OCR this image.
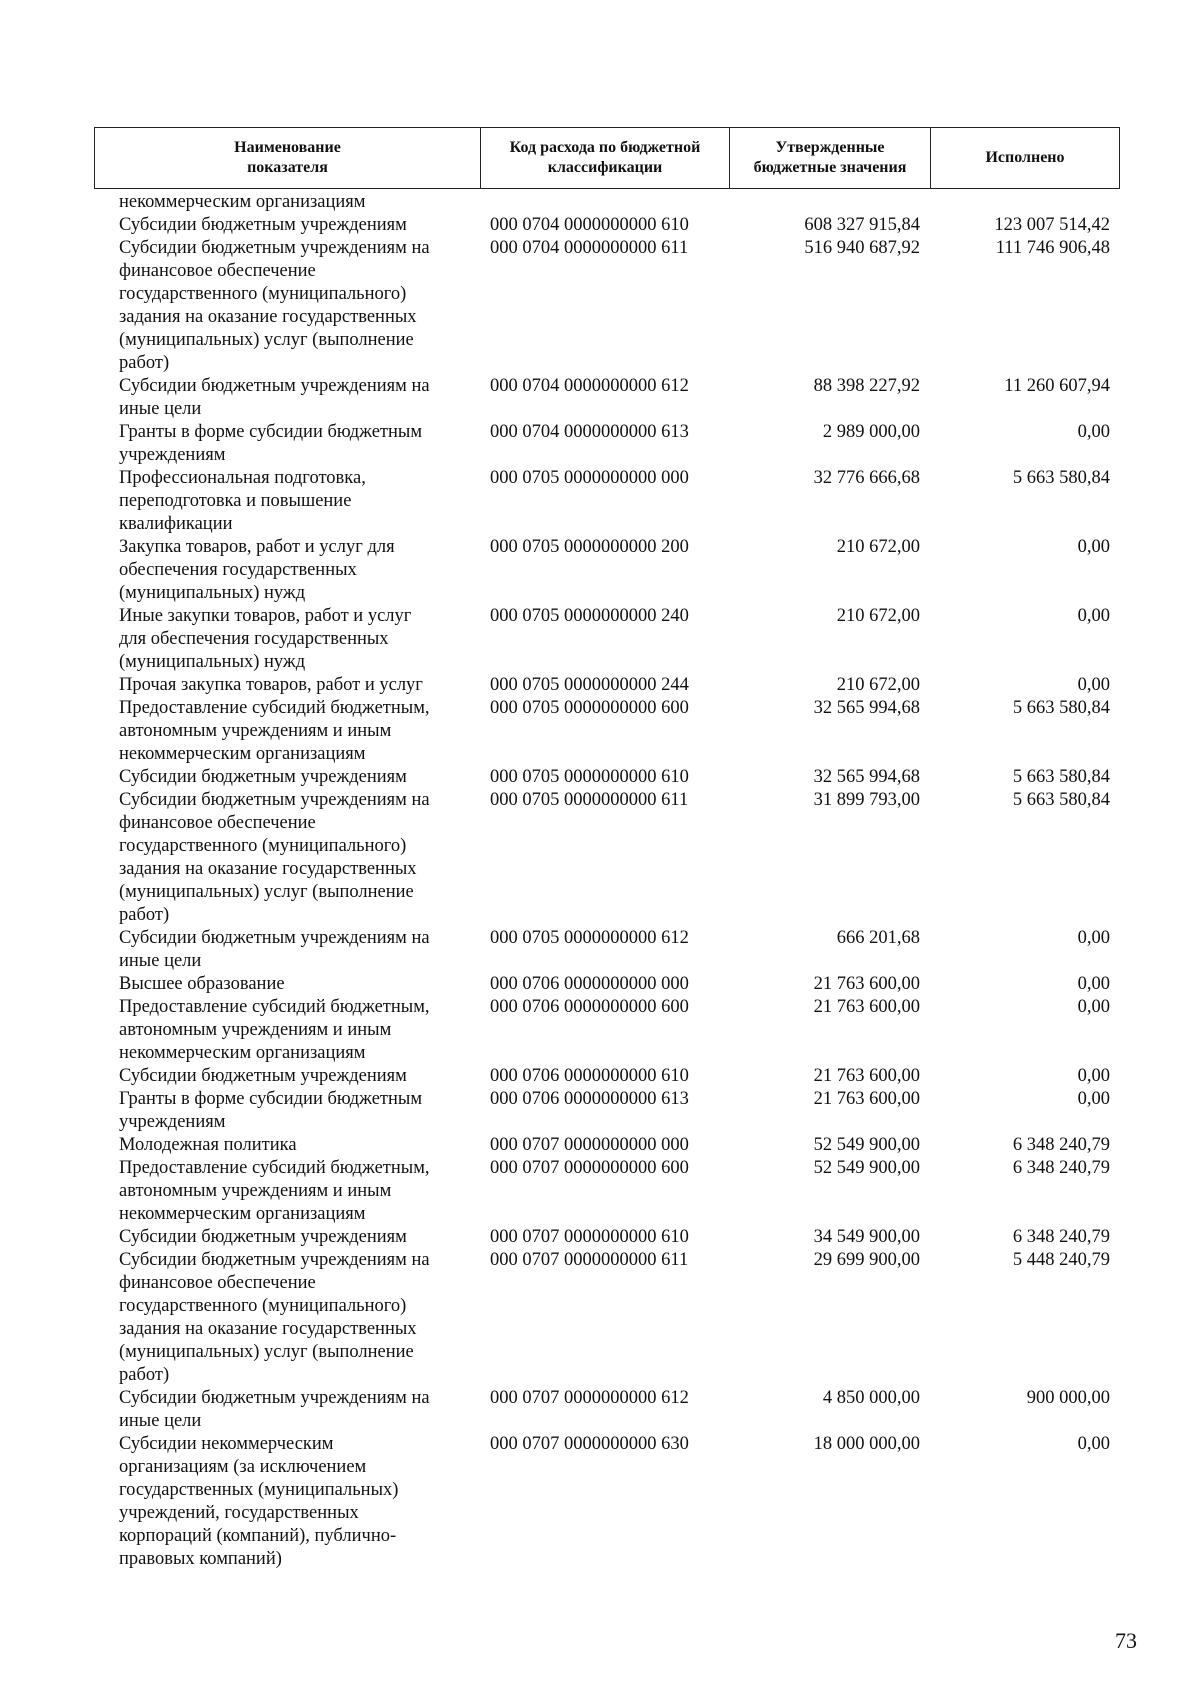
Наименование
показателя
Код расхода по бюджетной
классификации
Утвержденные
бюджетные значения
Исполнено
некоммерческим организациям
Субсидии бюджетным учреждениям	000 0704 0000000000 610	608 327 915,84	123 007 514,42
Субсидии бюджетным учреждениям на
финансовое обеспечение
государственного (муниципального)
задания на оказание государственных
(муниципальных) услуг (выполнение
работ)
000 0704 0000000000 611	516 940 687,92	111 746 906,48
Субсидии бюджетным учреждениям на
иные цели
000 0704 0000000000 612	88 398 227,92	11 260 607,94
Гранты в форме субсидии бюджетным
учреждениям
000 0704 0000000000 613	2 989 000,00	0,00
Профессиональная подготовка,
переподготовка и повышение
квалификации
000 0705 0000000000 000	32 776 666,68	5 663 580,84
Закупка товаров, работ и услуг для
обеспечения государственных
(муниципальных) нужд
000 0705 0000000000 200	210 672,00	0,00
Иные закупки товаров, работ и услуг
для обеспечения государственных
(муниципальных) нужд
000 0705 0000000000 240	210 672,00	0,00
Прочая закупка товаров, работ и услуг	000 0705 0000000000 244	210 672,00	0,00
Предоставление субсидий бюджетным,
автономным учреждениям и иным
некоммерческим организациям
000 0705 0000000000 600	32 565 994,68	5 663 580,84
Субсидии бюджетным учреждениям	000 0705 0000000000 610	32 565 994,68	5 663 580,84
Субсидии бюджетным учреждениям на
финансовое обеспечение
государственного (муниципального)
задания на оказание государственных
(муниципальных) услуг (выполнение
работ)
000 0705 0000000000 611	31 899 793,00	5 663 580,84
Субсидии бюджетным учреждениям на
иные цели
000 0705 0000000000 612	666 201,68	0,00
Высшее образование	000 0706 0000000000 000	21 763 600,00	0,00
Предоставление субсидий бюджетным,
автономным учреждениям и иным
некоммерческим организациям
000 0706 0000000000 600	21 763 600,00	0,00
Субсидии бюджетным учреждениям	000 0706 0000000000 610	21 763 600,00	0,00
Гранты в форме субсидии бюджетным
учреждениям
000 0706 0000000000 613	21 763 600,00	0,00
Молодежная политика	000 0707 0000000000 000	52 549 900,00	6 348 240,79
Предоставление субсидий бюджетным,
автономным учреждениям и иным
некоммерческим организациям
000 0707 0000000000 600	52 549 900,00	6 348 240,79
Субсидии бюджетным учреждениям	000 0707 0000000000 610	34 549 900,00	6 348 240,79
Субсидии бюджетным учреждениям на
финансовое обеспечение
государственного (муниципального)
задания на оказание государственных
(муниципальных) услуг (выполнение
работ)
000 0707 0000000000 611	29 699 900,00	5 448 240,79
Субсидии бюджетным учреждениям на
иные цели
000 0707 0000000000 612	4 850 000,00	900 000,00
Субсидии некоммерческим
организациям (за исключением
государственных (муниципальных)
учреждений, государственных
корпораций (компаний), публично-
правовых компаний)
000 0707 0000000000 630	18 000 000,00	0,00
73
